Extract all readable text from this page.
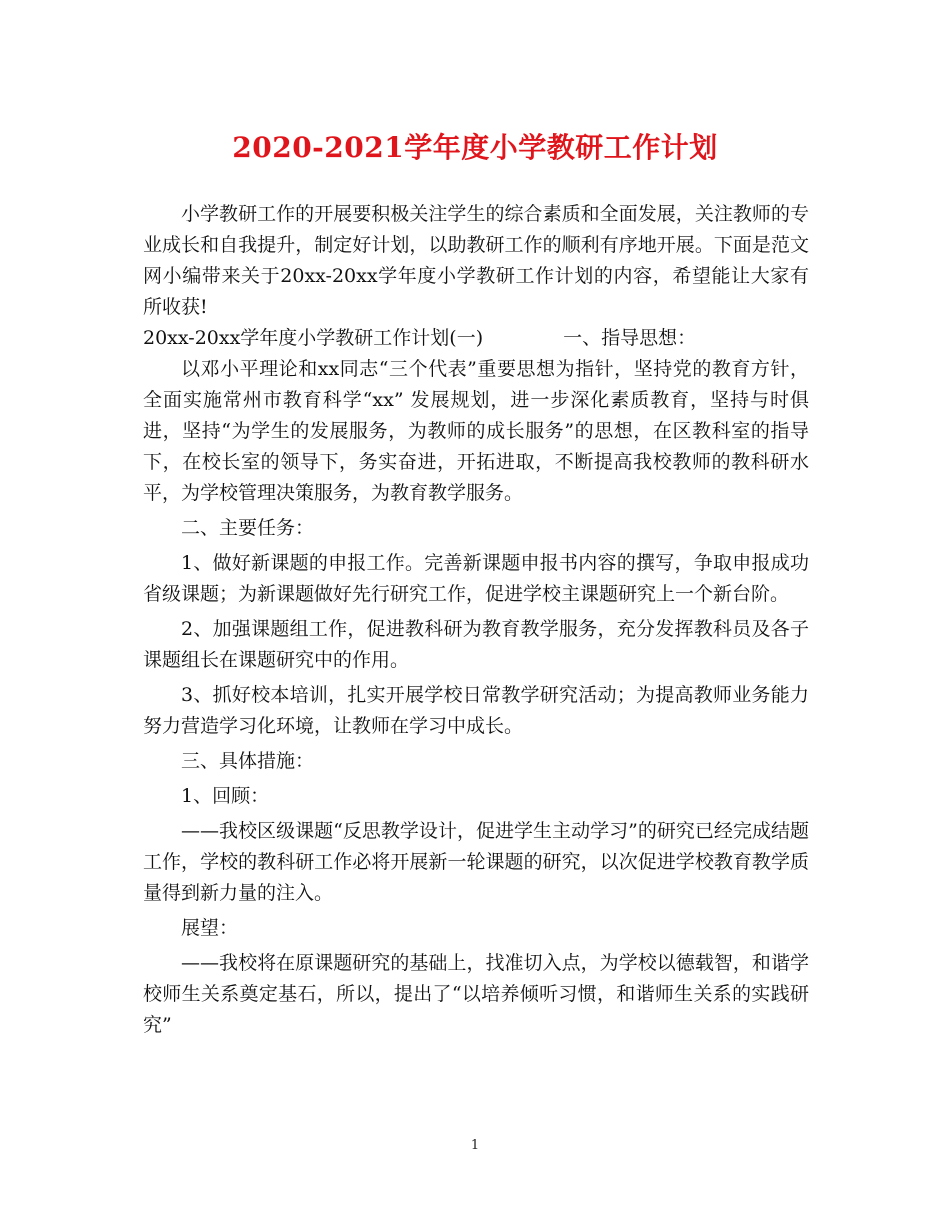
2020-2021学年度小学教研工作计划

小学教研工作的开展要积极关注学生的综合素质和全面发展，关注教师的专业成长和自我提升，制定好计划，以助教研工作的顺利有序地开展。下面是范文网小编带来关于20xx-20xx学年度小学教研工作计划的内容，希望能让大家有所收获!

20xx-20xx学年度小学教研工作计划(一)	一、指导思想：

以邓小平理论和xx同志“三个代表”重要思想为指针，坚持党的教育方针，全面实施常州市教育科学“xx” 发展规划，进一步深化素质教育，坚持与时俱进，坚持“为学生的发展服务，为教师的成长服务”的思想，在区教科室的指导下，在校长室的领导下，务实奋进，开拓进取，不断提高我校教师的教科研水平，为学校管理决策服务，为教育教学服务。

二、主要任务：

1、做好新课题的申报工作。完善新课题申报书内容的撰写，争取申报成功省级课题；为新课题做好先行研究工作，促进学校主课题研究上一个新台阶。

2、加强课题组工作，促进教科研为教育教学服务，充分发挥教科员及各子课题组长在课题研究中的作用。

3、抓好校本培训，扎实开展学校日常教学研究活动；为提高教师业务能力努力营造学习化环境，让教师在学习中成长。

三、具体措施：

1、回顾：

——我校区级课题“反思教学设计，促进学生主动学习”的研究已经完成结题工作，学校的教科研工作必将开展新一轮课题的研究，以次促进学校教育教学质量得到新力量的注入。

展望：

——我校将在原课题研究的基础上，找准切入点，为学校以德载智，和谐学校师生关系奠定基石，所以，提出了“以培养倾听习惯，和谐师生关系的实践研究”

1
